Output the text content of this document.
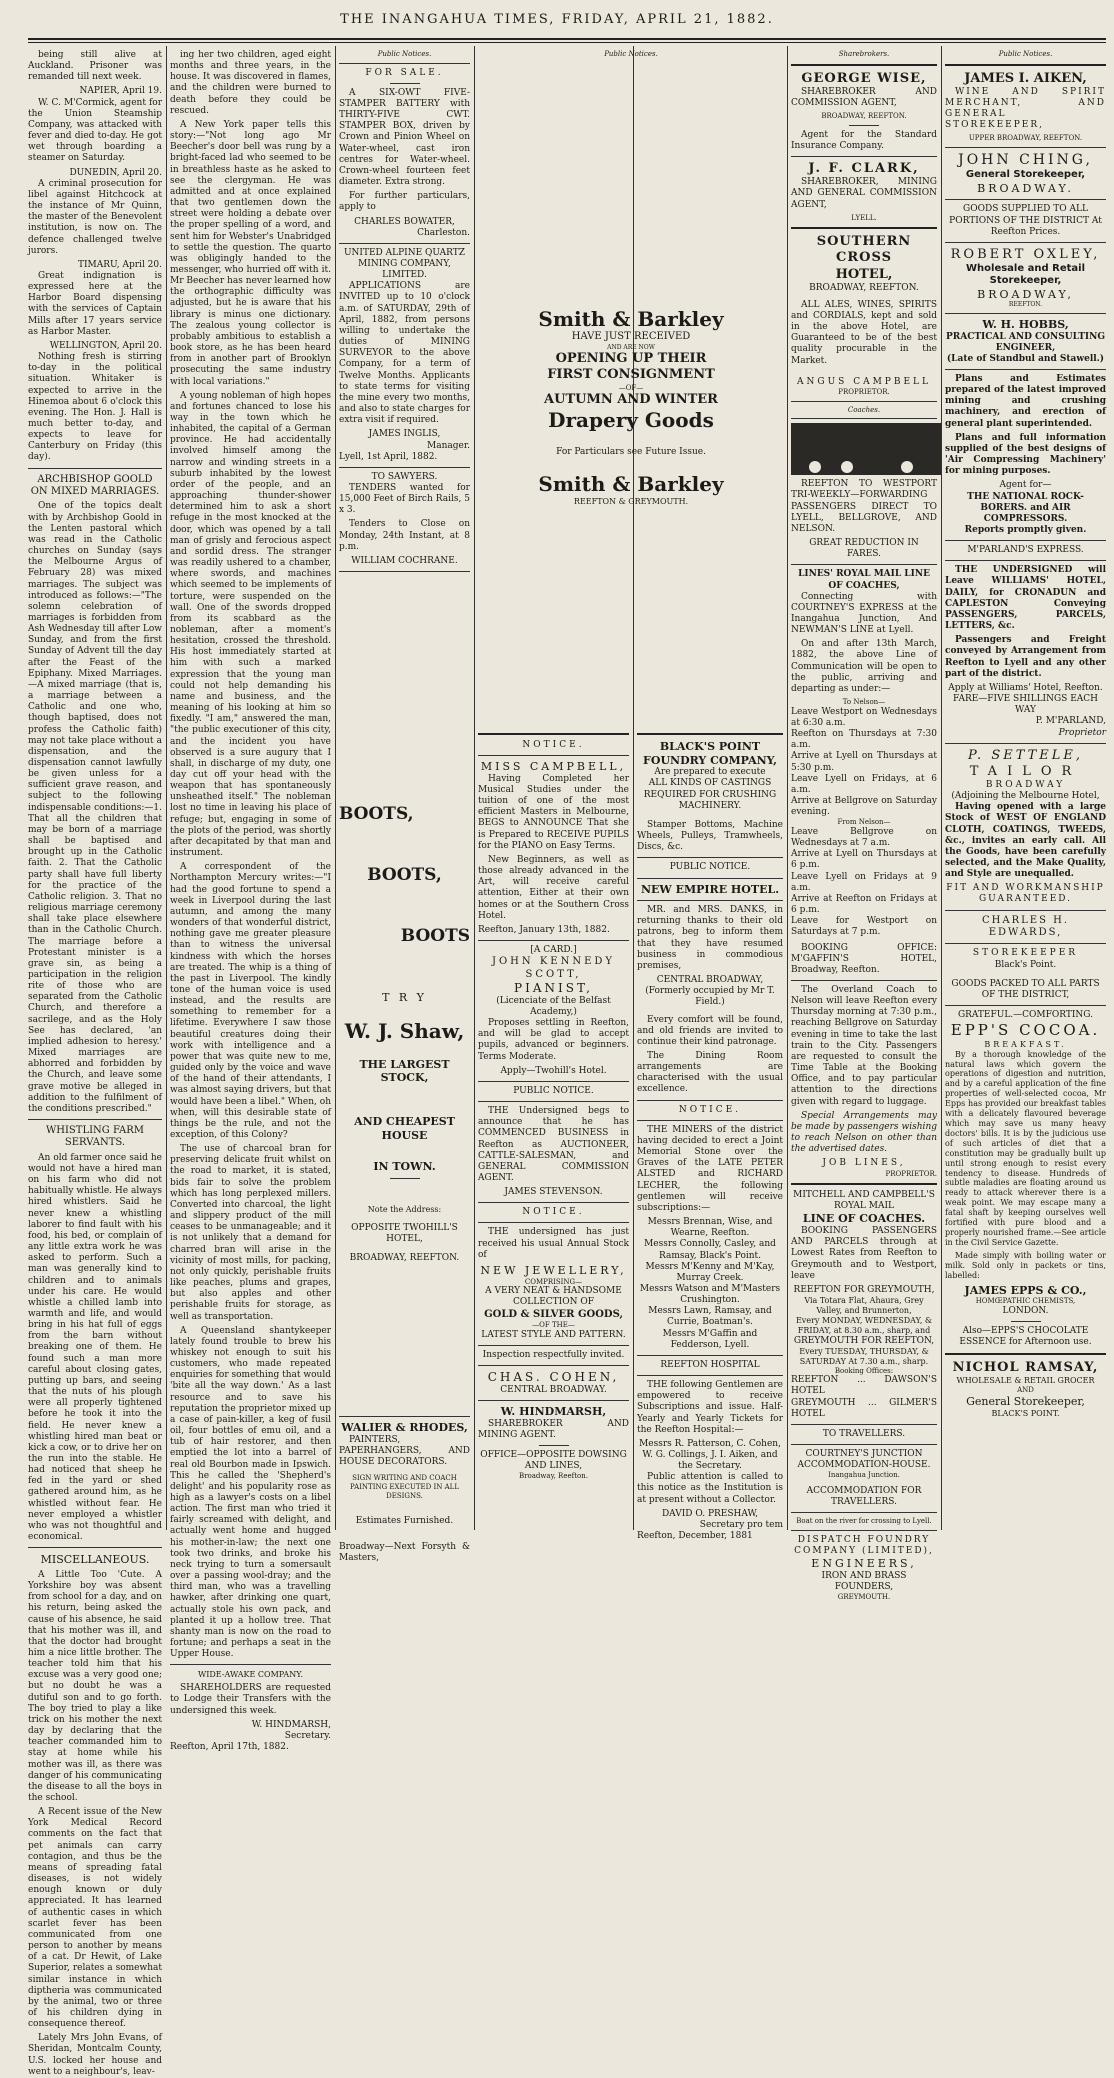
THE INANGAHUA TIMES, FRIDAY, APRIL 21, 1882.

being still alive at Auckland. Prisoner was remanded till next week.

NAPIER, April 19.

W. C. M'Cormick, agent for the Union Steamship Company, was attacked with fever and died to-day. He got wet through boarding a steamer on Saturday.

DUNEDIN, April 20.

A criminal prosecution for libel against Hitchcock at the instance of Mr Quinn, the master of the Benevolent institution, is now on. The defence challenged twelve jurors.

TIMARU, April 20.

Great indignation is expressed here at the Harbor Board dispensing with the services of Captain Mills after 17 years service as Harbor Master.

WELLINGTON, April 20.

Nothing fresh is stirring to-day in the political situation. Whitaker is expected to arrive in the Hinemoa about 6 o'clock this evening. The Hon. J. Hall is much better to-day, and expects to leave for Canterbury on Friday (this day).

ARCHBISHOP GOOLD ON MIXED MARRIAGES.

One of the topics dealt with by Archbishop Goold in the Lenten pastoral which was read in the Catholic churches on Sunday (says the Melbourne Argus of February 28) was mixed marriages. The subject was introduced as follows:—"The solemn celebration of marriages is forbidden from Ash Wednesday till after Low Sunday, and from the first Sunday of Advent till the day after the Feast of the Epiphany. Mixed Marriages.—A mixed marriage (that is, a marriage between a Catholic and one who, though baptised, does not profess the Catholic faith) may not take place without a dispensation, and the dispensation cannot lawfully be given unless for a sufficient grave reason, and subject to the following indispensable conditions:—1. That all the children that may be born of a marriage shall be baptised and brought up in the Catholic faith. 2. That the Catholic party shall have full liberty for the practice of the Catholic religion. 3. That no religious marriage ceremony shall take place elsewhere than in the Catholic Church. The marriage before a Protestant minister is a grave sin, as being a participation in the religion rite of those who are separated from the Catholic Church, and therefore a sacrilege, and as the Holy See has declared, 'an implied adhesion to heresy.' Mixed marriages are abhorred and forbidden by the Church, and leave some grave motive be alleged in addition to the fulfilment of the conditions prescribed."

WHISTLING FARM SERVANTS.

An old farmer once said he would not have a hired man on his farm who did not habitually whistle. He always hired whistlers. Said he never knew a whistling laborer to find fault with his food, his bed, or complain of any little extra work he was asked to perform. Such a man was generally kind to children and to animals under his care. He would whistle a chilled lamb into warmth and life, and would bring in his hat full of eggs from the barn without breaking one of them. He found such a man more careful about closing gates, putting up bars, and seeing that the nuts of his plough were all properly tightened before he took it into the field. He never knew a whistling hired man beat or kick a cow, or to drive her on the run into the stable. He had noticed that sheep he fed in the yard or shed gathered around him, as he whistled without fear. He never employed a whistler who was not thoughtful and economical.

MISCELLANEOUS.

A Little Too 'Cute. A Yorkshire boy was absent from school for a day, and on his return, being asked the cause of his absence, he said that his mother was ill, and that the doctor had brought him a nice little brother. The teacher told him that his excuse was a very good one; but no doubt he was a dutiful son and to go forth. The boy tried to play a like trick on his mother the next day by declaring that the teacher commanded him to stay at home while his mother was ill, as there was danger of his communicating the disease to all the boys in the school.

A Recent issue of the New York Medical Record comments on the fact that pet animals can carry contagion, and thus be the means of spreading fatal diseases, is not widely enough known or duly appreciated. It has learned of authentic cases in which scarlet fever has been communicated from one person to another by means of a cat. Dr Hewit, of Lake Superior, relates a somewhat similar instance in which diptheria was communicated by the animal, two or three of his children dying in consequence thereof.

Lately Mrs John Evans, of Sheridan, Montcalm County, U.S. locked her house and went to a neighbour's, leav-

ing her two children, aged eight months and three years, in the house. It was discovered in flames, and the children were burned to death before they could be rescued.

A New York paper tells this story:—"Not long ago Mr Beecher's door bell was rung by a bright-faced lad who seemed to be in breathless haste as he asked to see the clergyman. He was admitted and at once explained that two gentlemen down the street were holding a debate over the proper spelling of a word, and sent him for Webster's Unabridged to settle the question. The quarto was obligingly handed to the messenger, who hurried off with it. Mr Beecher has never learned how the orthographic difficulty was adjusted, but he is aware that his library is minus one dictionary. The zealous young collector is probably ambitious to establish a book store, as he has been heard from in another part of Brooklyn prosecuting the same industry with local variations."

A young nobleman of high hopes and fortunes chanced to lose his way in the town which he inhabited, the capital of a German province. He had accidentally involved himself among the narrow and winding streets in a suburb inhabited by the lowest order of the people, and an approaching thunder-shower determined him to ask a short refuge in the most knocked at the door, which was opened by a tall man of grisly and ferocious aspect and sordid dress. The stranger was readily ushered to a chamber, where swords, and machines which seemed to be implements of torture, were suspended on the wall. One of the swords dropped from its scabbard as the nobleman, after a moment's hesitation, crossed the threshold. His host immediately started at him with such a marked expression that the young man could not help demanding his name and business, and the meaning of his looking at him so fixedly. "I am," answered the man, "the public executioner of this city, and the incident you have observed is a sure augury that I shall, in discharge of my duty, one day cut off your head with the weapon that has spontaneously unsheathed itself." The nobleman lost no time in leaving his place of refuge; but, engaging in some of the plots of the period, was shortly after decapitated by that man and instrument.

A correspondent of the Northampton Mercury writes:—"I had the good fortune to spend a week in Liverpool during the last autumn, and among the many wonders of that wonderful district, nothing gave me greater pleasure than to witness the universal kindness with which the horses are treated. The whip is a thing of the past in Liverpool. The kindly tone of the human voice is used instead, and the results are something to remember for a lifetime. Everywhere I saw those beautiful creatures doing their work with intelligence and a power that was quite new to me, guided only by the voice and wave of the hand of their attendants, I was almost saying drivers, but that would have been a libel." When, oh when, will this desirable state of things be the rule, and not the exception, of this Colony?

The use of charcoal bran for preserving delicate fruit whilst on the road to market, it is stated, bids fair to solve the problem which has long perplexed millers. Converted into charcoal, the light and slippery product of the mill ceases to be unmanageable; and it is not unlikely that a demand for charred bran will arise in the vicinity of most mills, for packing, not only quickly, perishable fruits like peaches, plums and grapes, but also apples and other perishable fruits for storage, as well as transportation.

A Queensland shantykeeper lately found trouble to brew his whiskey not enough to suit his customers, who made repeated enquiries for something that would 'bite all the way down.' As a last resource and to save his reputation the proprietor mixed up a case of pain-killer, a keg of fusil oil, four bottles of emu oil, and a tub of hair restorer, and then emptied the lot into a barrel of real old Bourbon made in Ipswich. This he called the 'Shepherd's delight' and his popularity rose as high as a lawyer's costs on a libel action. The first man who tried it fairly screamed with delight, and actually went home and hugged his mother-in-law; the next one took two drinks, and broke his neck trying to turn a somersault over a passing wool-dray; and the third man, who was a travelling hawker, after drinking one quart, actually stole his own pack, and planted it up a hollow tree. That shanty man is now on the road to fortune; and perhaps a seat in the Upper House.

WIDE-AWAKE COMPANY.

SHAREHOLDERS are requested to Lodge their Transfers with the undersigned this week.

W. HINDMARSH,
Secretary.
Reefton, April 17th, 1882.
Public Notices.
FOR SALE.

A SIX-OWT FIVE-STAMPER BATTERY with THIRTY-FIVE CWT. STAMPER BOX, driven by Crown and Pinion Wheel on Water-wheel, cast iron centres for Water-wheel. Crown-wheel fourteen feet diameter. Extra strong.

For further particulars, apply to

CHARLES BOWATER,
Charleston.
UNITED ALPINE QUARTZ MINING COMPANY, LIMITED.

APPLICATIONS are INVITED up to 10 o'clock a.m. of SATURDAY, 29th of April, 1882, from persons willing to undertake the duties of MINING SURVEYOR to the above Company, for a term of Twelve Months. Applicants to state terms for visiting the mine every two months, and also to state charges for extra visit if required.

JAMES INGLIS,
Manager.
Lyell, 1st April, 1882.
TO SAWYERS.

TENDERS wanted for 15,000 Feet of Birch Rails, 5 x 3.

Tenders to Close on Monday, 24th Instant, at 8 p.m.

WILLIAM COCHRANE.
BOOTS,
BOOTS,
BOOTS
T R Y
W. J. Shaw,
THE LARGEST STOCK,
AND CHEAPEST HOUSE
IN TOWN.
Note the Address:
OPPOSITE TWOHILL'S HOTEL,
BROADWAY, REEFTON.
WALIER & RHODES,

PAINTERS, PAPERHANGERS, AND HOUSE DECORATORS.

SIGN WRITING AND COACH PAINTING EXECUTED IN ALL DESIGNS.
Estimates Furnished.
Broadway—Next Forsyth & Masters,
Public Notices.
Smith & Barkley
HAVE JUST RECEIVED
AND ARE NOW
OPENING UP THEIR
FIRST CONSIGNMENT
—OF—
AUTUMN AND WINTER
Drapery Goods
For Particulars see Future Issue.
Smith & Barkley
REEFTON & GREYMOUTH.
NOTICE.
MISS CAMPBELL,

Having Completed her Musical Studies under the tuition of one of the most efficient Masters in Melbourne, BEGS to ANNOUNCE That she is Prepared to RECEIVE PUPILS for the PIANO on Easy Terms.

New Beginners, as well as those already advanced in the Art, will receive careful attention, Either at their own homes or at the Southern Cross Hotel.

Reefton, January 13th, 1882.
[A CARD.]
JOHN KENNEDY SCOTT,
PIANIST,
(Licenciate of the Belfast Academy,)

Proposes settling in Reefton, and will be glad to accept pupils, advanced or beginners. Terms Moderate.

Apply—Twohill's Hotel.
PUBLIC NOTICE.

THE Undersigned begs to announce that he has COMMENCED BUSINESS in Reefton as AUCTIONEER, CATTLE-SALESMAN, and GENERAL COMMISSION AGENT.

JAMES STEVENSON.
NOTICE.

THE undersigned has just received his usual Annual Stock of

NEW JEWELLERY,
COMPRISING—
A VERY NEAT & HANDSOME COLLECTION OF
GOLD & SILVER GOODS,
—OF THE—
LATEST STYLE AND PATTERN.
Inspection respectfully invited.
CHAS. COHEN,
CENTRAL BROADWAY.
W. HINDMARSH,

SHAREBROKER AND MINING AGENT.

OFFICE—OPPOSITE DOWSING AND LINES,
Broadway, Reefton.
BLACK'S POINT FOUNDRY COMPANY,
Are prepared to execute
ALL KINDS OF CASTINGS REQUIRED FOR CRUSHING MACHINERY.

Stamper Bottoms, Machine Wheels, Pulleys, Tramwheels, Discs, &c.

PUBLIC NOTICE.
NEW EMPIRE HOTEL.

MR. and MRS. DANKS, in returning thanks to their old patrons, beg to inform them that they have resumed business in commodious premises,

CENTRAL BROADWAY,
(Formerly occupied by Mr T. Field.)

Every comfort will be found, and old friends are invited to continue their kind patronage.

The Dining Room arrangements are characterised with the usual excellence.

NOTICE.

THE MINERS of the district having decided to erect a Joint Memorial Stone over the Graves of the LATE PETER ALSTED and RICHARD LECHER, the following gentlemen will receive subscriptions:—

Messrs Brennan, Wise, and Wearne, Reefton.
Messrs Connolly, Casley, and Ramsay, Black's Point.
Messrs M'Kenny and M'Kay, Murray Creek.
Messrs Watson and M'Masters Crushington.
Messrs Lawn, Ramsay, and Currie, Boatman's.
Messrs M'Gaffin and Fedderson, Lyell.
REEFTON HOSPITAL

THE following Gentlemen are empowered to receive Subscriptions and issue. Half-Yearly and Yearly Tickets for the Reefton Hospital:—

Messrs R. Patterson, C. Cohen, W. G. Collings, J. I. Aiken, and the Secretary.

Public attention is called to this notice as the Institution is at present without a Collector.

DAVID O. PRESHAW,
Secretary pro tem
Reefton, December, 1881
Sharebrokers.
GEORGE WISE,

SHAREBROKER AND COMMISSION AGENT,

BROADWAY, REEFTON.

Agent for the Standard Insurance Company.

J. F. CLARK,

SHAREBROKER, MINING AND GENERAL COMMISSION AGENT,

LYELL.
SOUTHERN CROSS
HOTEL,
BROADWAY, REEFTON.

ALL ALES, WINES, SPIRITS and CORDIALS, kept and sold in the above Hotel, are Guaranteed to be of the best quality procurable in the Market.

ANGUS CAMPBELL
PROPRIETOR.
Coaches.

REEFTON TO WESTPORT TRI-WEEKLY—FORWARDING PASSENGERS DIRECT TO LYELL, BELLGROVE, AND NELSON.

GREAT REDUCTION IN FARES.
LINES' ROYAL MAIL LINE OF COACHES,

Connecting with COURTNEY'S EXPRESS at the Inangahua Junction, And NEWMAN'S LINE at Lyell.

On and after 13th March, 1882, the above Line of Communication will be open to the public, arriving and departing as under:—

To Nelson—
Leave Westport on Wednesdays at 6:30 a.m.
Reefton on Thursdays at 7:30 a.m.
Arrive at Lyell on Thursdays at 5:30 p.m.
Leave Lyell on Fridays, at 6 a.m.
Arrive at Bellgrove on Saturday evening.
From Nelson—
Leave Bellgrove on Wednesdays at 7 a.m.
Arrive at Lyell on Thursdays at 6 p.m.
Leave Lyell on Fridays at 9 a.m.
Arrive at Reefton on Fridays at 6 p.m.
Leave for Westport on Saturdays at 7 p.m.

BOOKING OFFICE: M'GAFFIN'S HOTEL, Broadway, Reefton.

The Overland Coach to Nelson will leave Reefton every Thursday morning at 7:30 p.m., reaching Bellgrove on Saturday evening in time to take the last train to the City. Passengers are requested to consult the Time Table at the Booking Office, and to pay particular attention to the directions given with regard to luggage.

Special Arrangements may be made by passengers wishing to reach Nelson on other than the advertised dates.

JOB LINES,
PROPRIETOR.
MITCHELL AND CAMPBELL'S
ROYAL MAIL
LINE OF COACHES.

BOOKING PASSENGERS AND PARCELS through at Lowest Rates from Reefton to Greymouth and to Westport, leave

REEFTON FOR GREYMOUTH,
Via Totara Flat, Ahaura, Grey Valley, and Brunnerton,
Every MONDAY, WEDNESDAY, & FRIDAY, at 8.30 a.m., sharp, and
GREYMOUTH FOR REEFTON,
Every TUESDAY, THURSDAY, & SATURDAY At 7.30 a.m., sharp.
Booking Offices:
REEFTON ... DAWSON'S HOTEL
GREYMOUTH ... GILMER'S HOTEL
TO TRAVELLERS.
COURTNEY'S JUNCTION ACCOMMODATION-HOUSE.
Inangahua Junction.
ACCOMMODATION FOR TRAVELLERS.
Boat on the river for crossing to Lyell.
DISPATCH FOUNDRY COMPANY (LIMITED),
ENGINEERS,
IRON AND BRASS FOUNDERS,
GREYMOUTH.
Public Notices.
JAMES I. AIKEN,

WINE AND SPIRIT MERCHANT, AND GENERAL STOREKEEPER,

UPPER BROADWAY, REEFTON.
JOHN CHING,
General Storekeeper,
BROADWAY.
GOODS SUPPLIED TO ALL PORTIONS OF THE DISTRICT At Reefton Prices.
ROBERT OXLEY,
Wholesale and Retail
Storekeeper,
BROADWAY,
REEFTON.
W. H. HOBBS,
PRACTICAL AND CONSULTING ENGINEER,
(Late of Standbul and Stawell.)

Plans and Estimates prepared of the latest improved mining and crushing machinery, and erection of general plant superintended.

Plans and full information supplied of the best designs of 'Air Compressing Machinery' for mining purposes.

Agent for—
THE NATIONAL ROCK-BORERS. and AIR COMPRESSORS.
Reports promptly given.
M'PARLAND'S EXPRESS.

THE UNDERSIGNED will Leave WILLIAMS' HOTEL, DAILY, for CRONADUN and CAPLESTON Conveying PASSENGERS, PARCELS, LETTERS, &c.

Passengers and Freight conveyed by Arrangement from Reefton to Lyell and any other part of the district.

Apply at Williams' Hotel, Reefton.
FARE—FIVE SHILLINGS EACH WAY
P. M'PARLAND,
Proprietor
P. SETTELE,
TAILOR
BROADWAY
(Adjoining the Melbourne Hotel,

Having opened with a large Stock of WEST OF ENGLAND CLOTH, COATINGS, TWEEDS, &c., invites an early call. All the Goods, have been carefully selected, and the Make Quality, and Style are unequalled.

FIT AND WORKMANSHIP GUARANTEED.
CHARLES H. EDWARDS,
STOREKEEPER
Black's Point.
GOODS PACKED TO ALL PARTS OF THE DISTRICT,
GRATEFUL.—COMFORTING.
EPP'S COCOA.
BREAKFAST.

By a thorough knowledge of the natural laws which govern the operations of digestion and nutrition, and by a careful application of the fine properties of well-selected cocoa, Mr Epps has provided our breakfast tables with a delicately flavoured beverage which may save us many heavy doctors' bills. It is by the judicious use of such articles of diet that a constitution may be gradually built up until strong enough to resist every tendency to disease. Hundreds of subtle maladies are floating around us ready to attack wherever there is a weak point. We may escape many a fatal shaft by keeping ourselves well fortified with pure blood and a properly nourished frame.—See article in the Civil Service Gazette.

Made simply with boiling water or milk. Sold only in packets or tins, labelled:

JAMES EPPS & CO.,
HOMŒPATHIC CHEMISTS,
LONDON.
Also—EPPS'S CHOCOLATE ESSENCE for Afternoon use.
NICHOL RAMSAY,
WHOLESALE & RETAIL GROCER
AND
General Storekeeper,
BLACK'S POINT.
